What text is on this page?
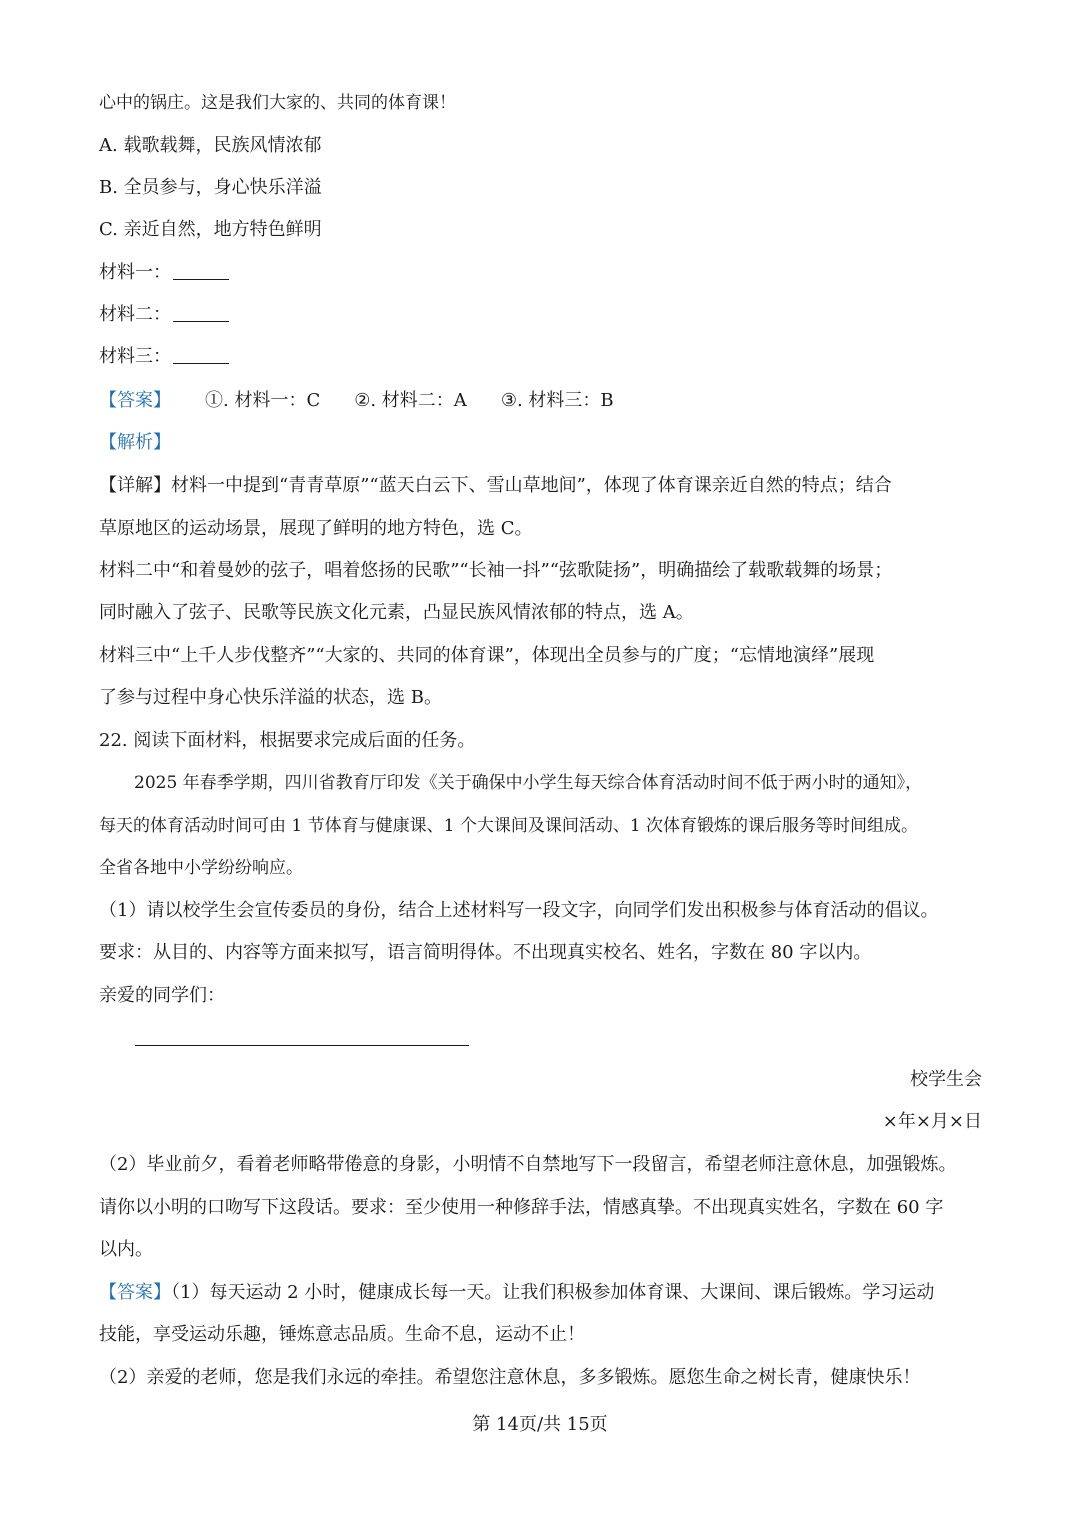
心中的锅庄。这是我们大家的、共同的体育课！
A. 载歌载舞，民族风情浓郁
B. 全员参与，身心快乐洋溢
C. 亲近自然，地方特色鲜明
材料一：
材料二：
材料三：
【答案】 ①. 材料一：C ②. 材料二：A ③. 材料三：B
【解析】
【详解】材料一中提到“青青草原”“蓝天白云下、雪山草地间”，体现了体育课亲近自然的特点；结合
草原地区的运动场景，展现了鲜明的地方特色，选 C。
材料二中“和着曼妙的弦子，唱着悠扬的民歌”“长袖一抖”“弦歌陡扬”，明确描绘了载歌载舞的场景；
同时融入了弦子、民歌等民族文化元素，凸显民族风情浓郁的特点，选 A。
材料三中“上千人步伐整齐”“大家的、共同的体育课”，体现出全员参与的广度；“忘情地演绎”展现
了参与过程中身心快乐洋溢的状态，选 B。
22. 阅读下面材料，根据要求完成后面的任务。
2025 年春季学期，四川省教育厅印发《关于确保中小学生每天综合体育活动时间不低于两小时的通知》，
每天的体育活动时间可由 1 节体育与健康课、1 个大课间及课间活动、1 次体育锻炼的课后服务等时间组成。
全省各地中小学纷纷响应。
（1）请以校学生会宣传委员的身份，结合上述材料写一段文字，向同学们发出积极参与体育活动的倡议。
要求：从目的、内容等方面来拟写，语言简明得体。不出现真实校名、姓名，字数在 80 字以内。
亲爱的同学们：
校学生会
×年×月×日
（2）毕业前夕，看着老师略带倦意的身影，小明情不自禁地写下一段留言，希望老师注意休息，加强锻炼。
请你以小明的口吻写下这段话。要求：至少使用一种修辞手法，情感真挚。不出现真实姓名，字数在 60 字
以内。
【答案】（1）每天运动 2 小时，健康成长每一天。让我们积极参加体育课、大课间、课后锻炼。学习运动
技能，享受运动乐趣，锤炼意志品质。生命不息，运动不止！
（2）亲爱的老师，您是我们永远的牵挂。希望您注意休息，多多锻炼。愿您生命之树长青，健康快乐！
第 14页/共 15页
